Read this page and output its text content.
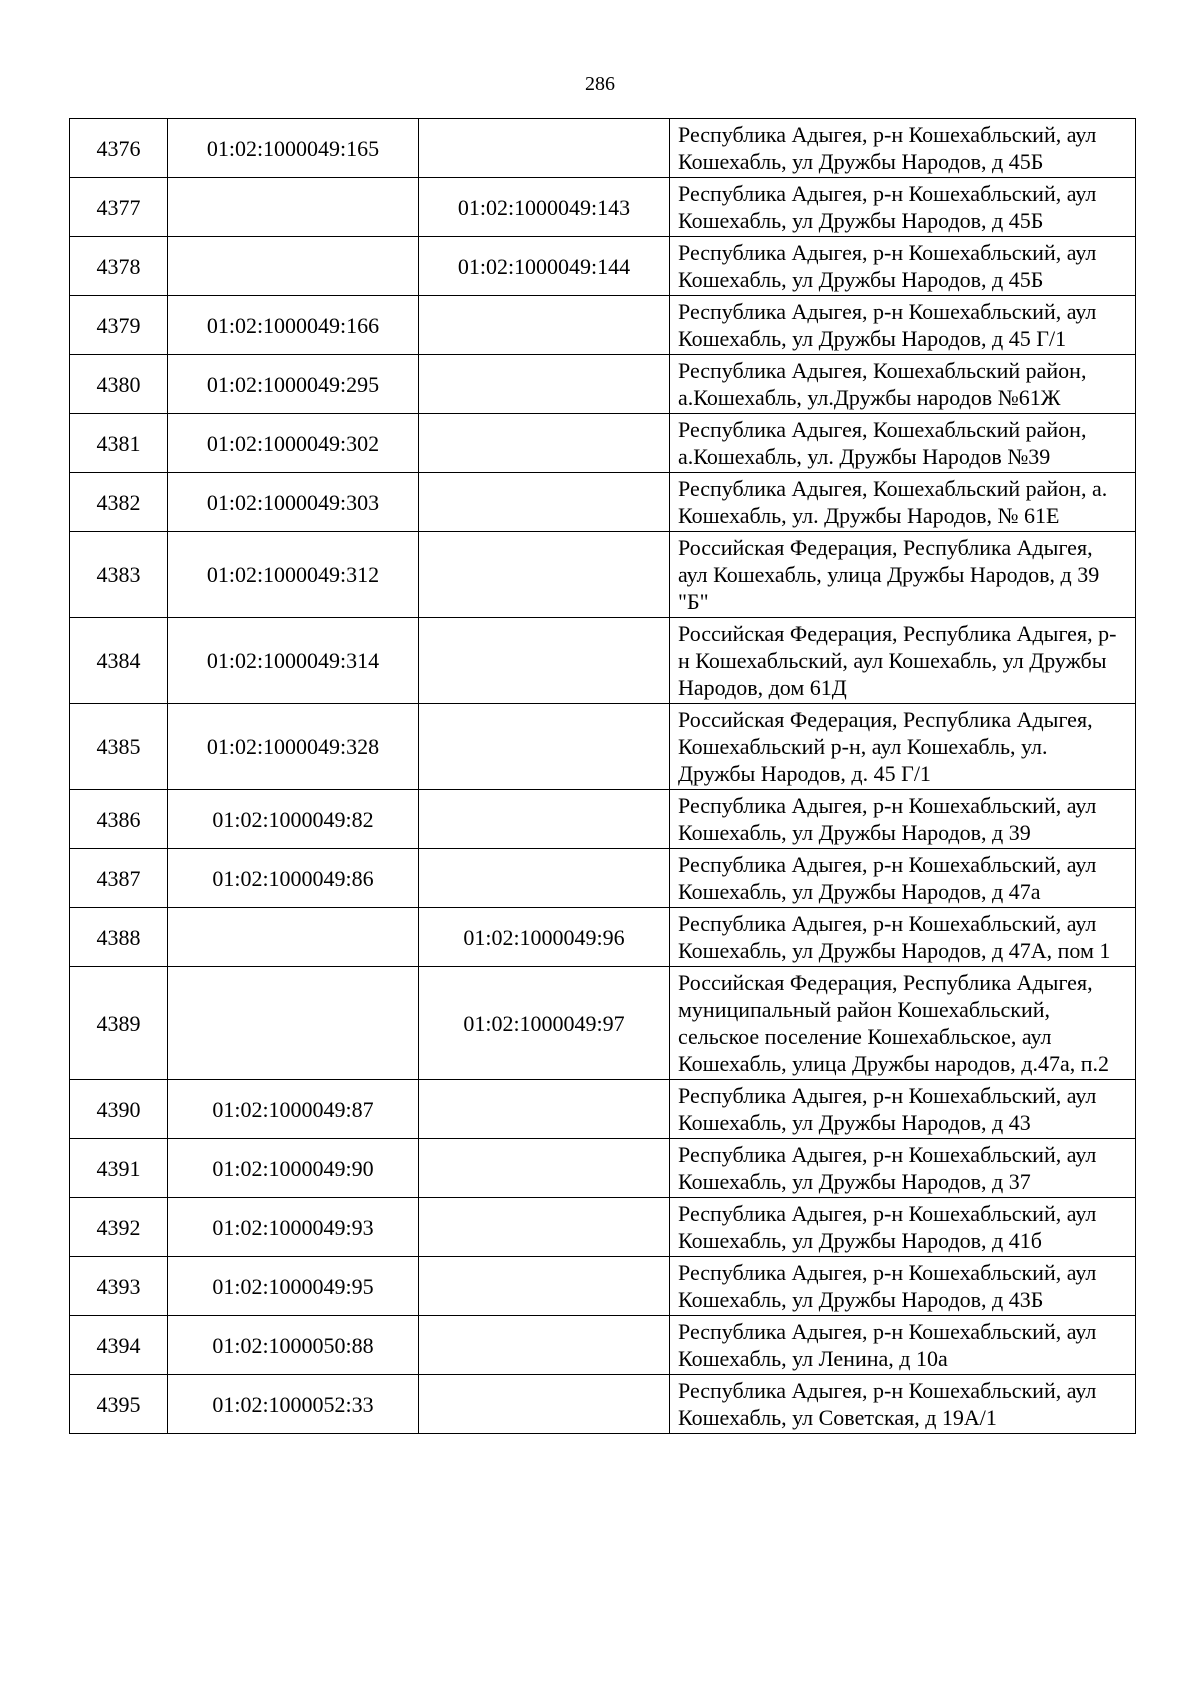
286
4376	01:02:1000049:165		Республика Адыгея, р-н Кошехабльский, аул Кошехабль, ул Дружбы Народов, д 45Б
4377		01:02:1000049:143	Республика Адыгея, р-н Кошехабльский, аул Кошехабль, ул Дружбы Народов, д 45Б
4378		01:02:1000049:144	Республика Адыгея, р-н Кошехабльский, аул Кошехабль, ул Дружбы Народов, д 45Б
4379	01:02:1000049:166		Республика Адыгея, р-н Кошехабльский, аул Кошехабль, ул Дружбы Народов, д 45 Г/1
4380	01:02:1000049:295		Республика Адыгея, Кошехабльский район, а.Кошехабль, ул.Дружбы народов №61Ж
4381	01:02:1000049:302		Республика Адыгея, Кошехабльский район, а.Кошехабль, ул. Дружбы Народов №39
4382	01:02:1000049:303		Республика Адыгея, Кошехабльский район, а. Кошехабль, ул. Дружбы Народов, № 61Е
4383	01:02:1000049:312		Российская Федерация, Республика Адыгея, аул Кошехабль, улица Дружбы Народов, д 39 "Б"
4384	01:02:1000049:314		Российская Федерация, Республика Адыгея, р-н Кошехабльский, аул Кошехабль, ул Дружбы Народов, дом 61Д
4385	01:02:1000049:328		Российская Федерация, Республика Адыгея, Кошехабльский р-н, аул Кошехабль, ул. Дружбы Народов, д. 45 Г/1
4386	01:02:1000049:82		Республика Адыгея, р-н Кошехабльский, аул Кошехабль, ул Дружбы Народов, д 39
4387	01:02:1000049:86		Республика Адыгея, р-н Кошехабльский, аул Кошехабль, ул Дружбы Народов, д 47а
4388		01:02:1000049:96	Республика Адыгея, р-н Кошехабльский, аул Кошехабль, ул Дружбы Народов, д 47А, пом 1
4389		01:02:1000049:97	Российская Федерация, Республика Адыгея, муниципальный район Кошехабльский, сельское поселение Кошехабльское, аул Кошехабль, улица Дружбы народов, д.47а, п.2
4390	01:02:1000049:87		Республика Адыгея, р-н Кошехабльский, аул Кошехабль, ул Дружбы Народов, д 43
4391	01:02:1000049:90		Республика Адыгея, р-н Кошехабльский, аул Кошехабль, ул Дружбы Народов, д 37
4392	01:02:1000049:93		Республика Адыгея, р-н Кошехабльский, аул Кошехабль, ул Дружбы Народов, д 41б
4393	01:02:1000049:95		Республика Адыгея, р-н Кошехабльский, аул Кошехабль, ул Дружбы Народов, д 43Б
4394	01:02:1000050:88		Республика Адыгея, р-н Кошехабльский, аул Кошехабль, ул Ленина, д 10а
4395	01:02:1000052:33		Республика Адыгея, р-н Кошехабльский, аул Кошехабль, ул Советская, д 19А/1
